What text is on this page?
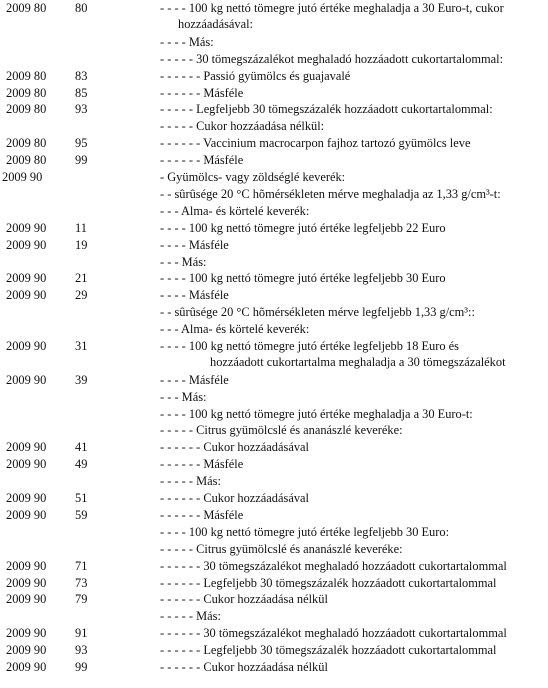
2009 80 80	- - - - 100 kg nettó tömegre jutó értéke meghaladja a 30 Euro-t, cukor
hozzáadásával:
- - - - Más:
- - - - - 30 tömegszázalékot meghaladó hozzáadott cukortartalommal:
2009 80 83	- - - - - - Passió gyümölcs és guajavalé
2009 80 85	- - - - - - Másféle
2009 80 93	- - - - - Legfeljebb 30 tömegszázalék hozzáadott cukortartalommal:
- - - - - Cukor hozzáadása nélkül:
2009 80 95	- - - - - - Vaccinium macrocarpon fajhoz tartozó gyümölcs leve
2009 80 99	- - - - - - Másféle
2009 90	- Gyümölcs- vagy zöldséglé keverék:
- - sûrûsége 20 °C hõmérsékleten mérve meghaladja az 1,33 g/cm³-t:
- - - Alma- és körtelé keverék:
2009 90 11	- - - - 100 kg nettó tömegre jutó értéke legfeljebb 22 Euro
2009 90 19	- - - - Másféle
- - - Más:
2009 90 21	- - - - 100 kg nettó tömegre jutó értéke legfeljebb 30 Euro
2009 90 29	- - - - Másféle
- - sûrûsége 20 °C hõmérsékleten mérve legfeljebb 1,33 g/cm³::
- - - Alma- és körtelé keverék:
2009 90 31	- - - - 100 kg nettó tömegre jutó értéke legfeljebb 18 Euro és
hozzáadott cukortartalma meghaladja a 30 tömegszázalékot
2009 90 39	- - - - Másféle
- - - Más:
- - - - 100 kg nettó tömegre jutó értéke meghaladja a 30 Euro-t:
- - - - - Citrus gyümölcslé és ananászlé keveréke:
2009 90 41	- - - - - - Cukor hozzáadásával
2009 90 49	- - - - - - Másféle
- - - - - Más:
2009 90 51	- - - - - - Cukor hozzáadásával
2009 90 59	- - - - - - Másféle
- - - - 100 kg nettó tömegre jutó értéke legfeljebb 30 Euro:
- - - - - Citrus gyümölcslé és ananászlé keveréke:
2009 90 71	- - - - - - 30 tömegszázalékot meghaladó hozzáadott cukortartalommal
2009 90 73	- - - - - - Legfeljebb 30 tömegszázalék hozzáadott cukortartalommal
2009 90 79	- - - - - - Cukor hozzáadása nélkül
- - - - - Más:
2009 90 91	- - - - - - 30 tömegszázalékot meghaladó hozzáadott cukortartalommal
2009 90 93	- - - - - - Legfeljebb 30 tömegszázalék hozzáadott cukortartalommal
2009 90 99	- - - - - - Cukor hozzáadása nélkül
